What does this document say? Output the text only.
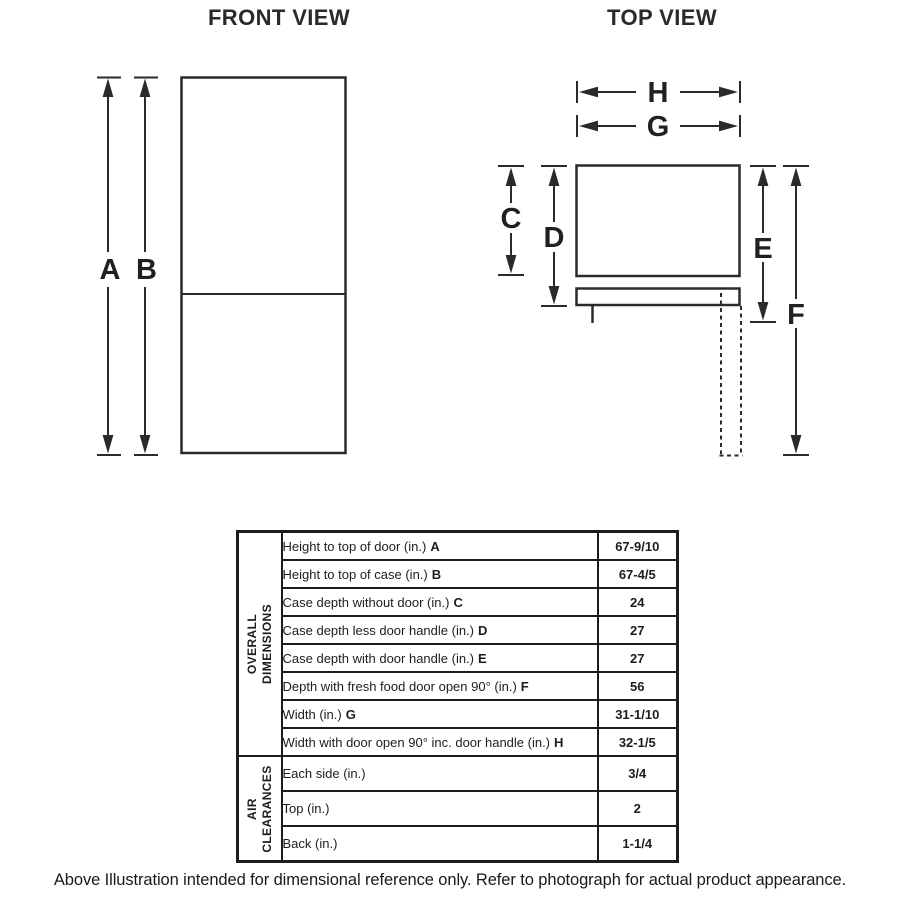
FRONT VIEW	TOP VIEW
A B
H
G
C
D	E
F
OVERALL DIMENSIONS	Height to top of door (in.) A	67-9/10
	Height to top of case (in.) B	67-4/5
	Case depth without door (in.) C	24
	Case depth less door handle (in.) D	27
	Case depth with door handle (in.) E	27
	Depth with fresh food door open 90° (in.) F	56
	Width (in.) G	31-1/10
	Width with door open 90° inc. door handle (in.) H	32-1/5

AIR CLEARANCES	Each side (in.)	3/4
	Top (in.)	2
	Back (in.)	1-1/4
Above Illustration intended for dimensional reference only. Refer to photograph for actual product appearance.
